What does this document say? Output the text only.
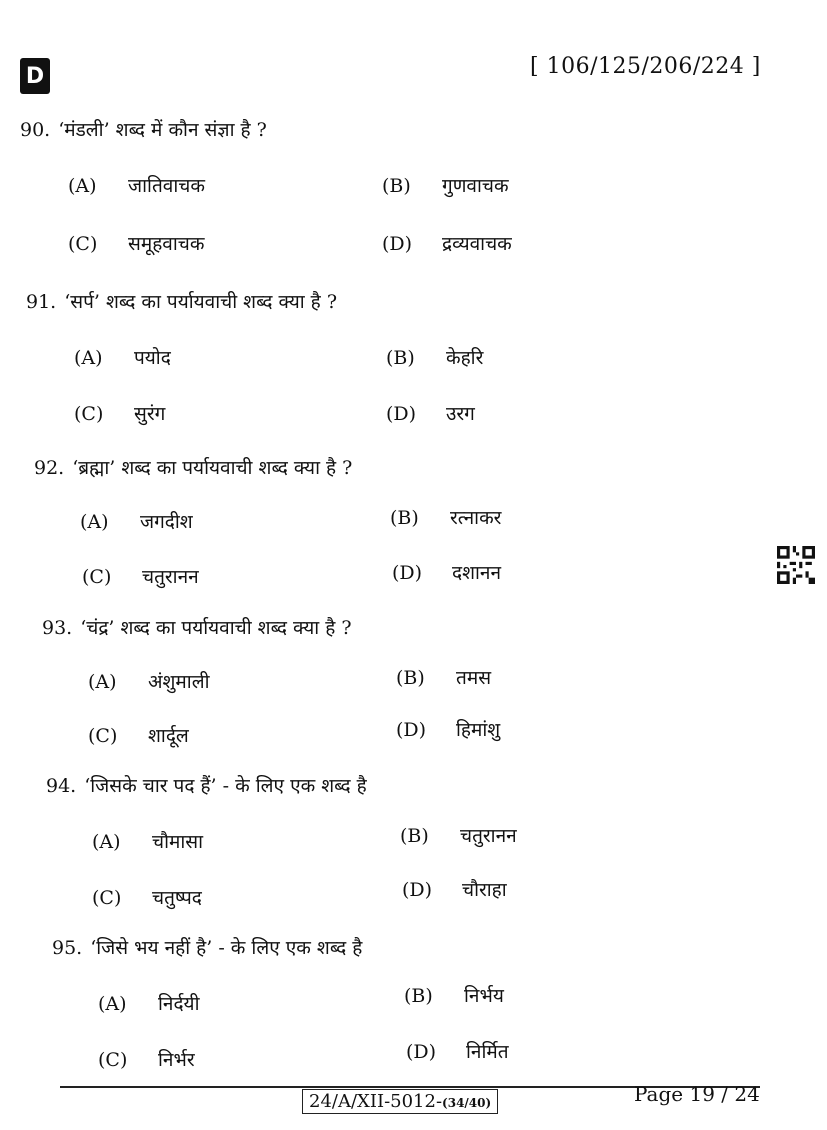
D	[ 106/125/206/224 ]
90. ‘मंडली’ शब्द में कौन संज्ञा है ?
(A) जातिवाचक	(B) गुणवाचक
(C) समूहवाचक	(D) द्रव्यवाचक
91. ‘सर्प’ शब्द का पर्यायवाची शब्द क्या है ?
(A) पयोद	(B) केहरि
(C) सुरंग	(D) उरग
92. ‘ब्रह्मा’ शब्द का पर्यायवाची शब्द क्या है ?
(A) जगदीश	(B) रत्नाकर
(C) चतुरानन	(D) दशानन
93. ‘चंद्र’ शब्द का पर्यायवाची शब्द क्या है ?
(A) अंशुमाली	(B) तमस
(C) शार्दूल	(D) हिमांशु
94. ‘जिसके चार पद हैं’ - के लिए एक शब्द है
(A) चौमासा	(B) चतुरानन
(C) चतुष्पद	(D) चौराहा
95. ‘जिसे भय नहीं है’ - के लिए एक शब्द है
(A) निर्दयी	(B) निर्भय
(C) निर्भर	(D) निर्मित
24/A/XII-5012-(34/40)	Page 19 / 24
